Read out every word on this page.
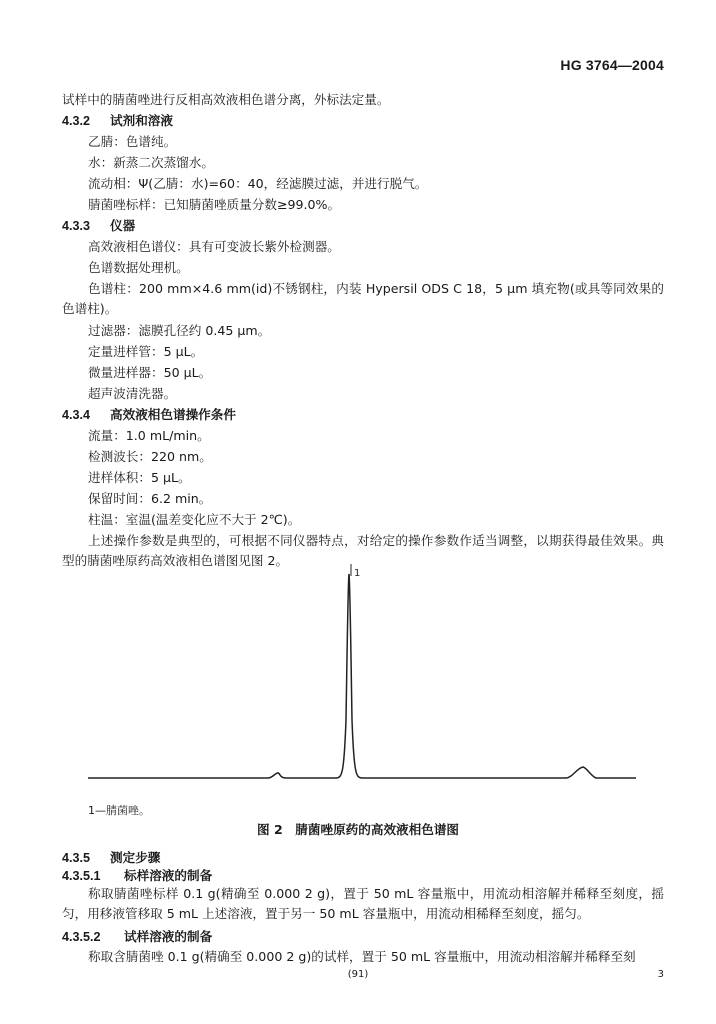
HG 3764—2004
试样中的腈菌唑进行反相高效液相色谱分离，外标法定量。
4.3.2 试剂和溶液
乙腈：色谱纯。
水：新蒸二次蒸馏水。
流动相：Ψ(乙腈：水)=60：40，经滤膜过滤，并进行脱气。
腈菌唑标样：已知腈菌唑质量分数≥99.0%。
4.3.3 仪器
高效液相色谱仪：具有可变波长紫外检测器。
色谱数据处理机。
色谱柱：200 mm×4.6 mm(id)不锈钢柱，内装 Hypersil ODS C 18，5 μm 填充物(或具等同效果的色谱柱)。
过滤器：滤膜孔径约 0.45 μm。
定量进样管：5 μL。
微量进样器：50 μL。
超声波清洗器。
4.3.4 高效液相色谱操作条件
流量：1.0 mL/min。
检测波长：220 nm。
进样体积：5 μL。
保留时间：6.2 min。
柱温：室温(温差变化应不大于 2℃)。
上述操作参数是典型的，可根据不同仪器特点，对给定的操作参数作适当调整，以期获得最佳效果。典型的腈菌唑原药高效液相色谱图见图 2。
1
1—腈菌唑。
图 2　腈菌唑原药的高效液相色谱图
4.3.5 测定步骤
4.3.5.1 标样溶液的制备
称取腈菌唑标样 0.1 g(精确至 0.000 2 g)，置于 50 mL 容量瓶中，用流动相溶解并稀释至刻度，摇匀，用移液管移取 5 mL 上述溶液，置于另一 50 mL 容量瓶中，用流动相稀释至刻度，摇匀。
4.3.5.2 试样溶液的制备
称取含腈菌唑 0.1 g(精确至 0.000 2 g)的试样，置于 50 mL 容量瓶中，用流动相溶解并稀释至刻
(91)	3
